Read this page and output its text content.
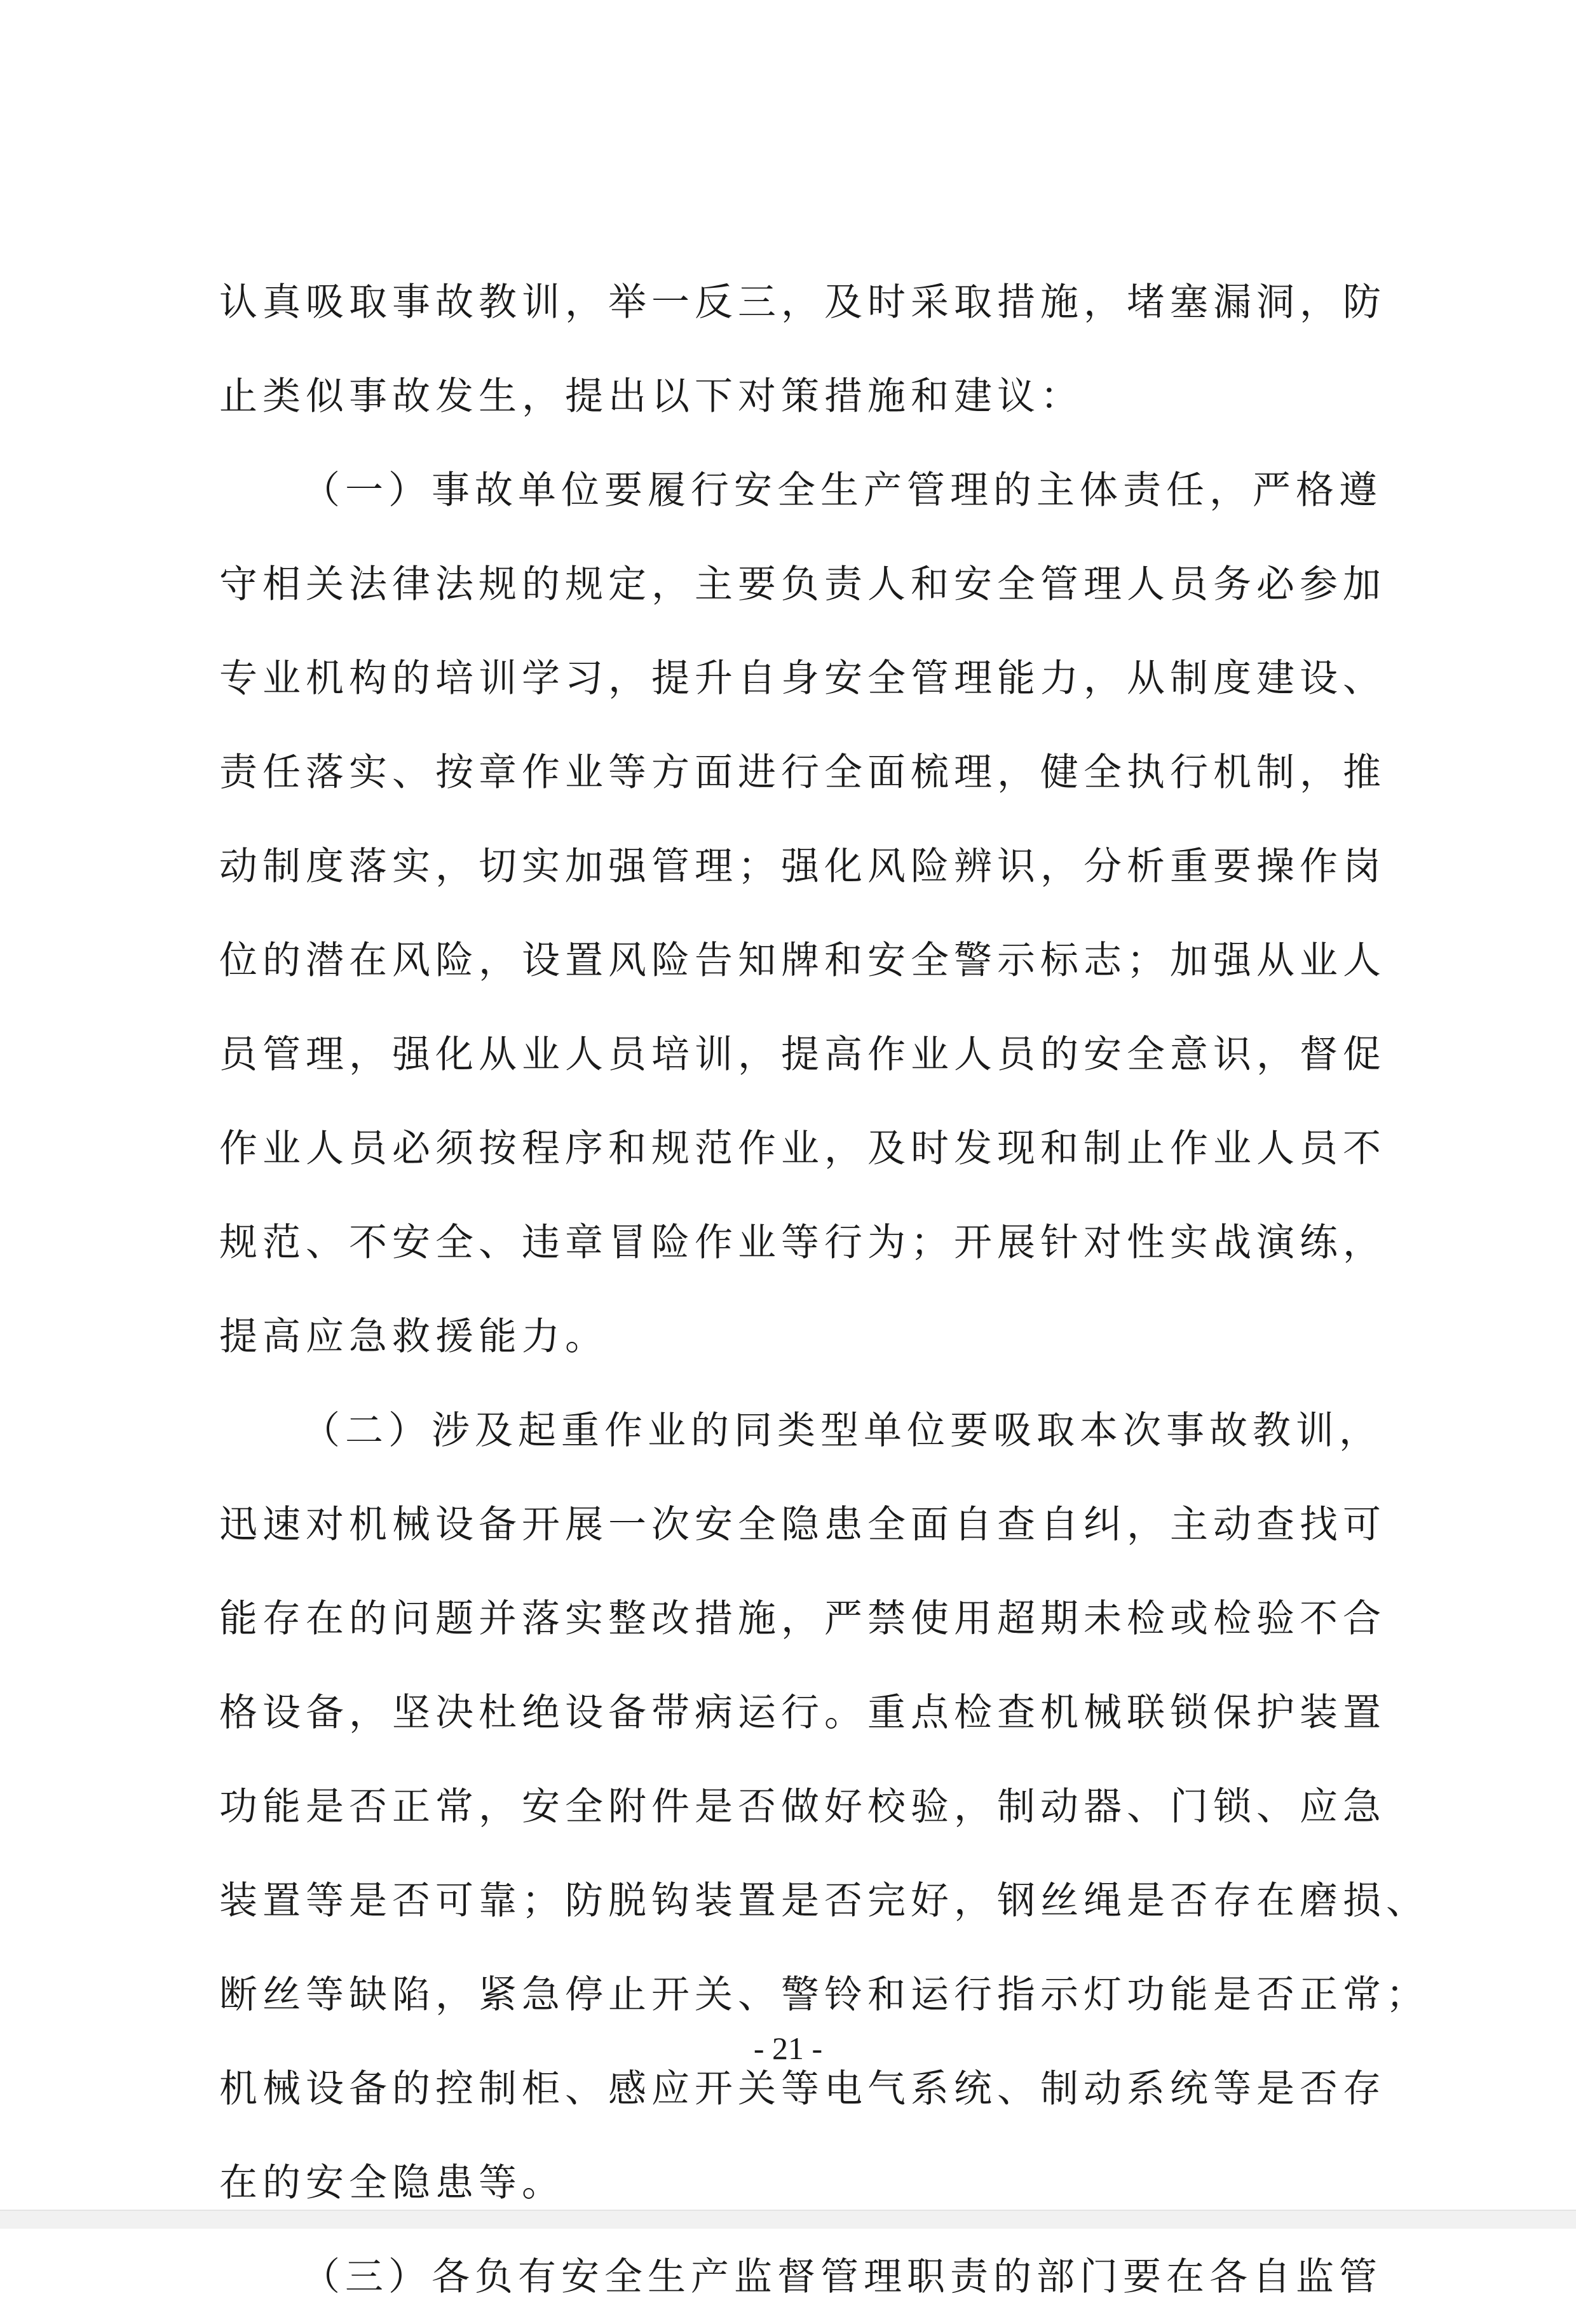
认真吸取事故教训，举一反三，及时采取措施，堵塞漏洞，防
止类似事故发生，提出以下对策措施和建议：
（一）事故单位要履行安全生产管理的主体责任，严格遵
守相关法律法规的规定，主要负责人和安全管理人员务必参加
专业机构的培训学习，提升自身安全管理能力，从制度建设、
责任落实、按章作业等方面进行全面梳理，健全执行机制，推
动制度落实，切实加强管理；强化风险辨识，分析重要操作岗
位的潜在风险，设置风险告知牌和安全警示标志；加强从业人
员管理，强化从业人员培训，提高作业人员的安全意识，督促
作业人员必须按程序和规范作业，及时发现和制止作业人员不
规范、不安全、违章冒险作业等行为；开展针对性实战演练，
提高应急救援能力。
（二）涉及起重作业的同类型单位要吸取本次事故教训，
迅速对机械设备开展一次安全隐患全面自查自纠，主动查找可
能存在的问题并落实整改措施，严禁使用超期未检或检验不合
格设备，坚决杜绝设备带病运行。重点检查机械联锁保护装置
功能是否正常，安全附件是否做好校验，制动器、门锁、应急
装置等是否可靠；防脱钩装置是否完好，钢丝绳是否存在磨损、
断丝等缺陷，紧急停止开关、警铃和运行指示灯功能是否正常；
机械设备的控制柜、感应开关等电气系统、制动系统等是否存
在的安全隐患等。
（三）各负有安全生产监督管理职责的部门要在各自监管
- 21 -
